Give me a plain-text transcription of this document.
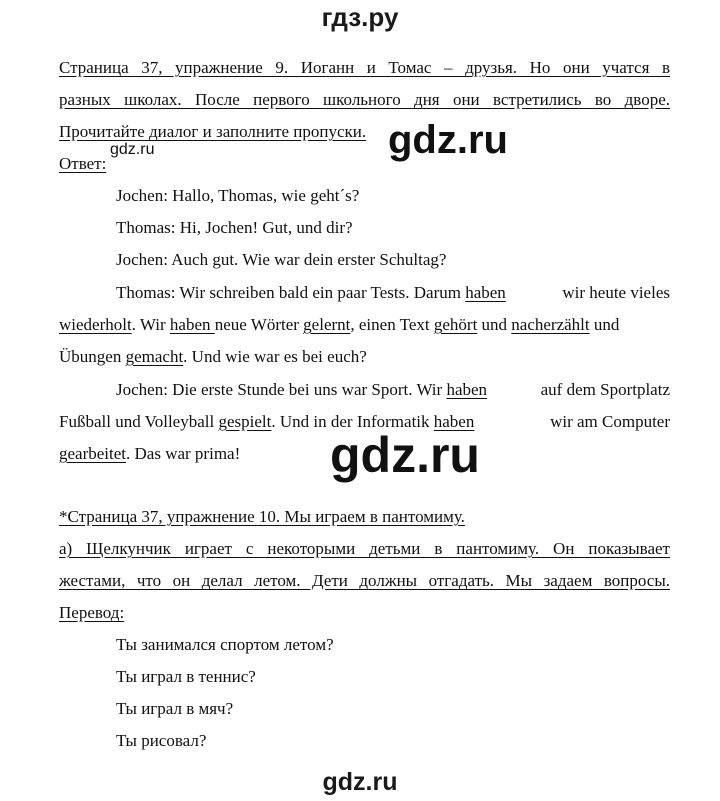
гдз.ру
Страница 37, упражнение 9. Иоганн и Томас – друзья. Но они учатся в
разных школах. После первого школьного дня они встретились во дворе.
Прочитайте диалог и заполните пропуски. gdz.ru
gdz.ru
Ответ:
Jochen: Hallo, Thomas, wie geht´s?
Thomas: Hi, Jochen! Gut, und dir?
Jochen: Auch gut. Wie war dein erster Schultag?
Thomas: Wir schreiben bald ein paar Tests. Darum haben	wir heute vieles
wiederholt. Wir haben neue Wörter gelernt, einen Text gehört und nacherzählt und
Übungen gemacht. Und wie war es bei euch?
Jochen: Die erste Stunde bei uns war Sport. Wir haben	auf dem Sportplatz
Fußball und Volleyball gespielt. Und in der Informatik haben	wir am Computer
gearbeitet. Das war prima! gdz.ru
*Страница 37, упражнение 10. Мы играем в пантомиму.
а) Щелкунчик играет с некоторыми детьми в пантомиму. Он показывает
жестами, что он делал летом. Дети должны отгадать. Мы задаем вопросы.
Перевод:
Ты занимался спортом летом?
Ты играл в теннис?
Ты играл в мяч?
Ты рисовал?
gdz.ru
